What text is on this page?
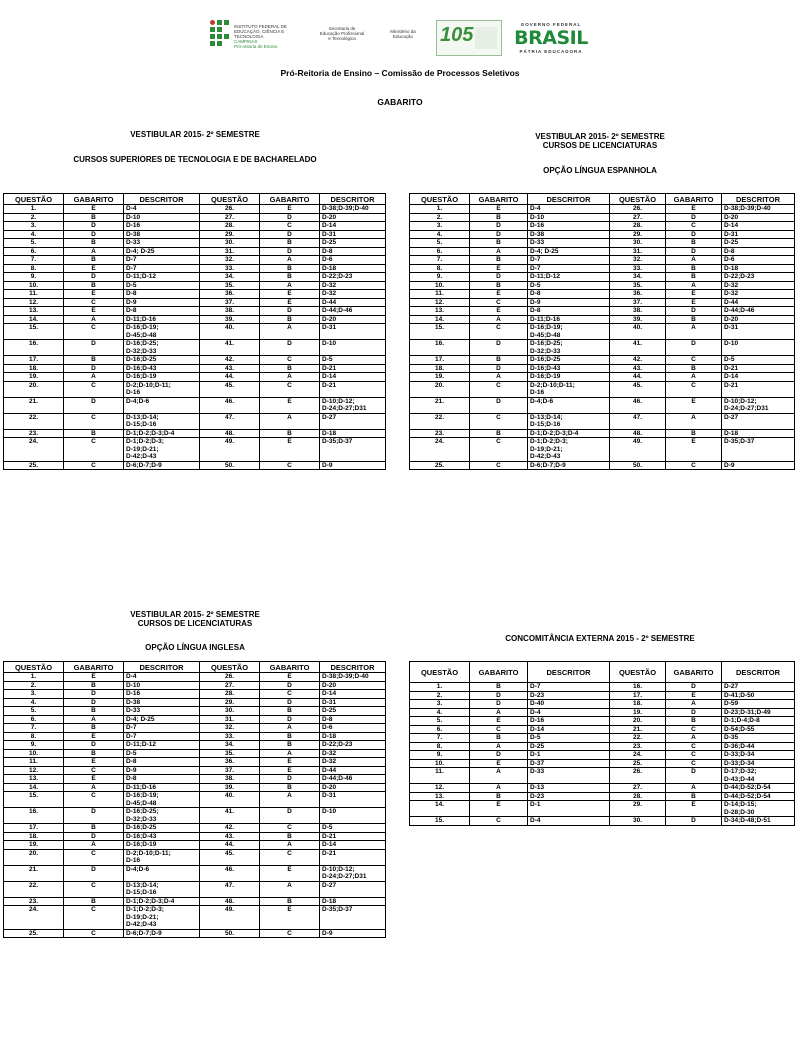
INSTITUTO FEDERAL DE
EDUCAÇÃO, CIÊNCIA E TECNOLOGIA
CAMPINAS
Pró-reitoria de Ensino
Secretaria de
Educação Profissional
e Tecnológica
Ministério da
Educação	105	GOVERNO FEDERAL
BRASIL
PÁTRIA EDUCADORA
Pró-Reitoria de Ensino – Comissão de Processos Seletivos
GABARITO
VESTIBULAR 2015- 2º SEMESTRE
CURSOS SUPERIORES DE TECNOLOGIA E DE BACHARELADO
QUESTÃO	GABARITO	DESCRITOR	QUESTÃO	GABARITO	DESCRITOR
1.	E	D-4	26.	E	D-38;D-39;D-40
2.	B	D-10	27.	D	D-20
3.	D	D-16	28.	C	D-14
4.	D	D-38	29.	D	D-31
5.	B	D-33	30.	B	D-25
6.	A	D-4; D-25	31.	D	D-8
7.	B	D-7	32.	A	D-6
8.	E	D-7	33.	B	D-18
9.	D	D-11;D-12	34.	B	D-22;D-23
10.	B	D-5	35.	A	D-32
11.	E	D-8	36.	E	D-32
12.	C	D-9	37.	E	D-44
13.	E	D-8	38.	D	D-44;D-46
14.	A	D-11;D-16	39.	B	D-20
15.	C	D-16;D-19;
D-45;D-48	40.	A	D-31
16.	D	D-16;D-25;
D-32;D-33	41.	D	D-10
17.	B	D-16;D-25	42.	C	D-5
18.	D	D-16;D-43	43.	B	D-21
19.	A	D-16;D-19	44.	A	D-14
20.	C	D-2;D-10;D-11;
D-16	45.	C	D-21
21.	D	D-4;D-6	46.	E	D-10;D-12;
D-24;D-27;D31
22.	C	D-13;D-14;
D-15;D-16	47.	A	D-27
23.	B	D-1;D-2;D-3;D-4	48.	B	D-18
24.	C	D-1;D-2;D-3;
D-19;D-21;
D-42;D-43	49.	E	D-35;D-37
25.	C	D-6;D-7;D-9	50.	C	D-9
VESTIBULAR 2015- 2º SEMESTRE
CURSOS DE LICENCIATURAS
OPÇÃO LÍNGUA ESPANHOLA
QUESTÃO	GABARITO	DESCRITOR	QUESTÃO	GABARITO	DESCRITOR
1.	E	D-4	26.	E	D-38;D-39;D-40
2.	B	D-10	27.	D	D-20
3.	D	D-16	28.	C	D-14
4.	D	D-38	29.	D	D-31
5.	B	D-33	30.	B	D-25
6.	A	D-4; D-25	31.	D	D-8
7.	B	D-7	32.	A	D-6
8.	E	D-7	33.	B	D-18
9.	D	D-11;D-12	34.	B	D-22;D-23
10.	B	D-5	35.	A	D-32
11.	E	D-8	36.	E	D-32
12.	C	D-9	37.	E	D-44
13.	E	D-8	38.	D	D-44;D-46
14.	A	D-11;D-16	39.	B	D-20
15.	C	D-16;D-19;
D-45;D-48	40.	A	D-31
16.	D	D-16;D-25;
D-32;D-33	41.	D	D-10
17.	B	D-16;D-25	42.	C	D-5
18.	D	D-16;D-43	43.	B	D-21
19.	A	D-16;D-19	44.	A	D-14
20.	C	D-2;D-10;D-11;
D-16	45.	C	D-21
21.	D	D-4;D-6	46.	E	D-10;D-12;
D-24;D-27;D31
22.	C	D-13;D-14;
D-15;D-16	47.	A	D-27
23.	B	D-1;D-2;D-3;D-4	48.	B	D-18
24.	C	D-1;D-2;D-3;
D-19;D-21;
D-42;D-43	49.	E	D-35;D-37
25.	C	D-6;D-7;D-9	50.	C	D-9
VESTIBULAR 2015- 2º SEMESTRE
CURSOS DE LICENCIATURAS
OPÇÃO LÍNGUA INGLESA
QUESTÃO	GABARITO	DESCRITOR	QUESTÃO	GABARITO	DESCRITOR
1.	E	D-4	26.	E	D-38;D-39;D-40
2.	B	D-10	27.	D	D-20
3.	D	D-16	28.	C	D-14
4.	D	D-38	29.	D	D-31
5.	B	D-33	30.	B	D-25
6.	A	D-4; D-25	31.	D	D-8
7.	B	D-7	32.	A	D-6
8.	E	D-7	33.	B	D-18
9.	D	D-11;D-12	34.	B	D-22;D-23
10.	B	D-5	35.	A	D-32
11.	E	D-8	36.	E	D-32
12.	C	D-9	37.	E	D-44
13.	E	D-8	38.	D	D-44;D-46
14.	A	D-11;D-16	39.	B	D-20
15.	C	D-16;D-19;
D-45;D-48	40.	A	D-31
16.	D	D-16;D-25;
D-32;D-33	41.	D	D-10
17.	B	D-16;D-25	42.	C	D-5
18.	D	D-16;D-43	43.	B	D-21
19.	A	D-16;D-19	44.	A	D-14
20.	C	D-2;D-10;D-11;
D-16	45.	C	D-21
21.	D	D-4;D-6	46.	E	D-10;D-12;
D-24;D-27;D31
22.	C	D-13;D-14;
D-15;D-16	47.	A	D-27
23.	B	D-1;D-2;D-3;D-4	48.	B	D-18
24.	C	D-1;D-2;D-3;
D-19;D-21;
D-42;D-43	49.	E	D-35;D-37
25.	C	D-6;D-7;D-9	50.	C	D-9
CONCOMITÂNCIA EXTERNA 2015 - 2º SEMESTRE
QUESTÃO	GABARITO	DESCRITOR	QUESTÃO	GABARITO	DESCRITOR
1.	B	D-7	16.	D	D-27
2.	D	D-23	17.	E	D-41;D-50
3.	D	D-40	18.	A	D-59
4.	A	D-4	19.	D	D-23;D-31;D-49
5.	E	D-16	20.	B	D-1;D-4;D-8
6.	C	D-14	21.	C	D-54;D-55
7.	B	D-5	22.	A	D-35
8.	A	D-25	23.	C	D-36;D-44
9.	D	D-1	24.	C	D-33;D-34
10.	E	D-37	25.	C	D-33;D-34
11.	A	D-33	26.	D	D-17;D-32;
D-43;D-44
12.	A	D-13	27.	A	D-44;D-52;D-54
13.	B	D-23	28.	B	D-44;D-52;D-54
14.	E	D-1	29.	E	D-14;D-15;
D-28;D-30
15.	C	D-4	30.	D	D-34;D-48;D-51
